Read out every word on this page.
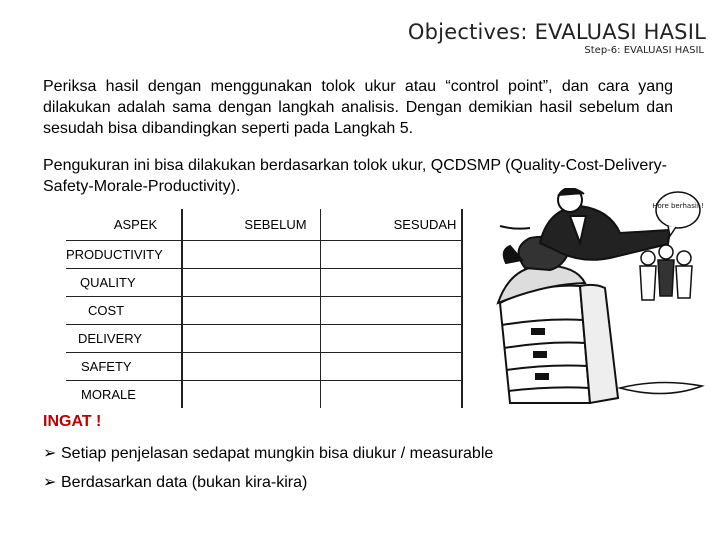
Objectives: EVALUASI HASIL
Step-6: EVALUASI HASIL

Periksa hasil dengan menggunakan tolok ukur atau “control point”, dan cara yang dilakukan adalah sama dengan langkah analisis. Dengan demikian hasil sebelum dan sesudah bisa dibandingkan seperti pada Langkah 5.

Pengukuran ini bisa dilakukan berdasarkan tolok ukur, QCDSMP (Quality-Cost-Delivery-Safety-Morale-Productivity).

ASPEK	SEBELUM	SESUDAH
PRODUCTIVITY		
QUALITY		
COST		
DELIVERY		
SAFETY		
MORALE		
INGAT !
➢ Setiap penjelasan sedapat mungkin bisa diukur / measurable
➢ Berdasarkan data (bukan kira-kira)
Hore berhasil !
